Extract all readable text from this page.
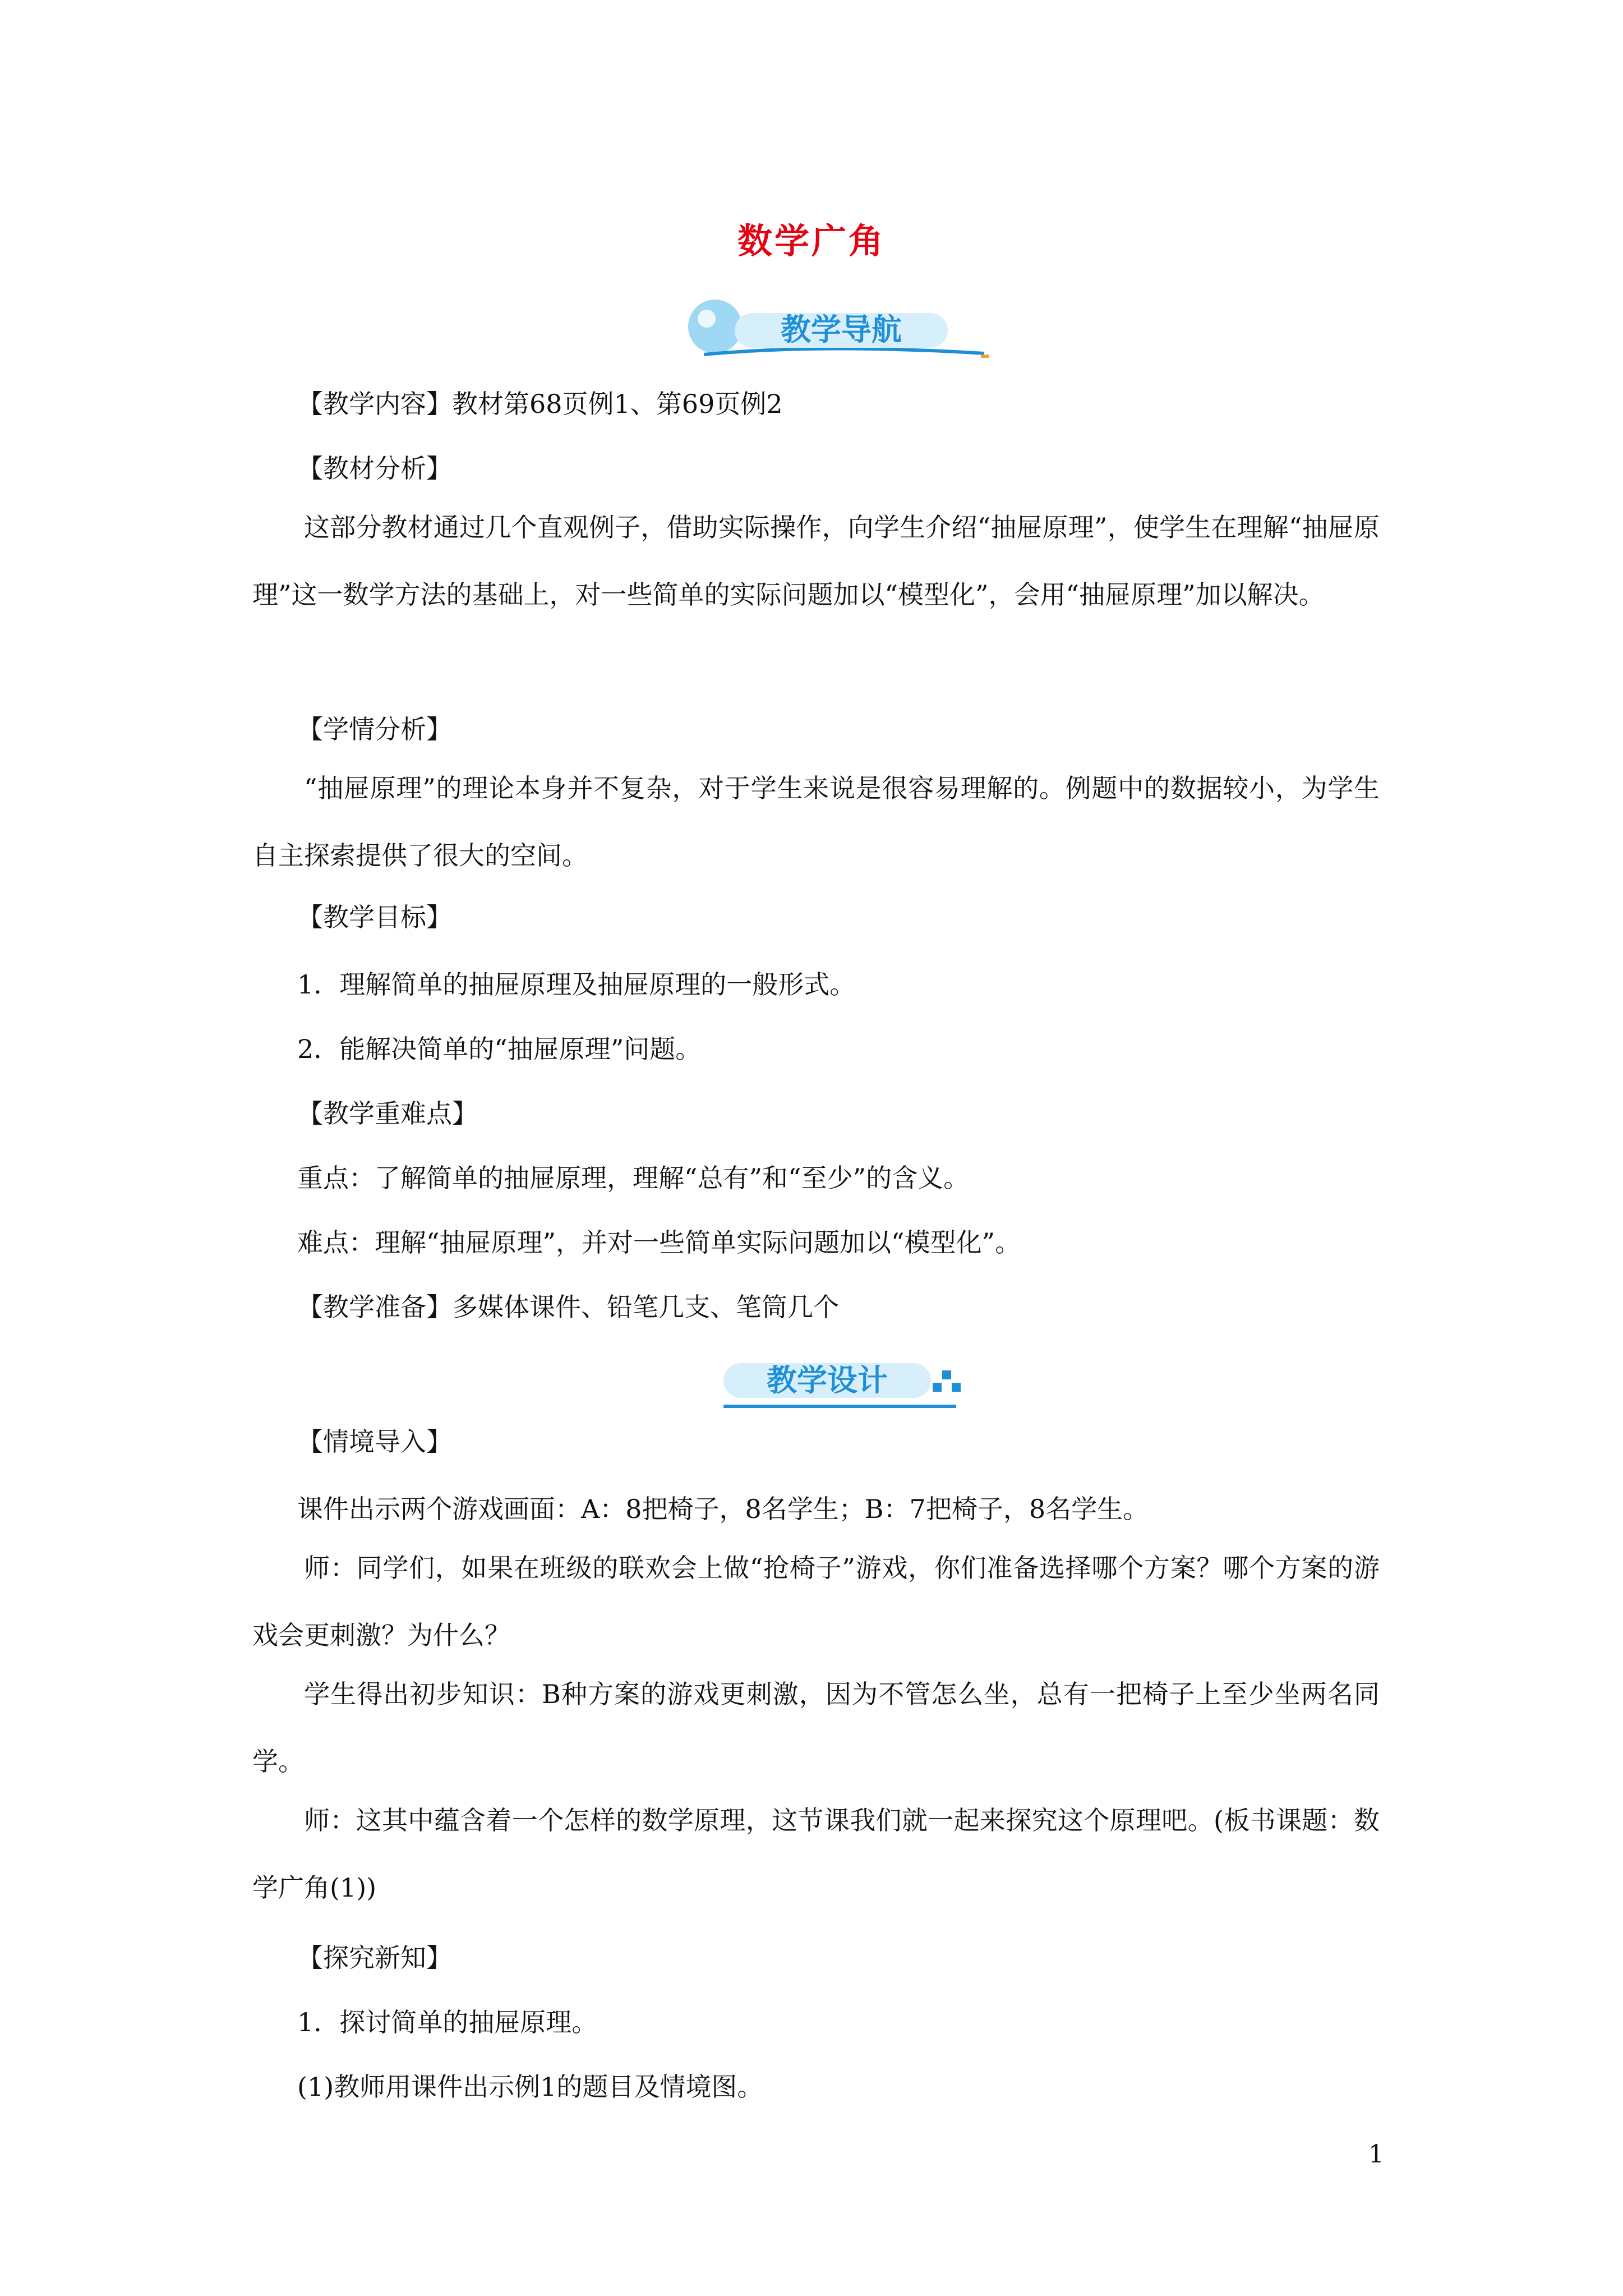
数学广角
教学导航
【教学内容】教材第68页例1、第69页例2
【教材分析】
这部分教材通过几个直观例子，借助实际操作，向学生介绍“抽屉原理”，使学生在理解“抽屉原理”这一数学方法的基础上，对一些简单的实际问题加以“模型化”，会用“抽屉原理”加以解决。
【学情分析】
“抽屉原理”的理论本身并不复杂，对于学生来说是很容易理解的。例题中的数据较小，为学生自主探索提供了很大的空间。
【教学目标】
1．理解简单的抽屉原理及抽屉原理的一般形式。
2．能解决简单的“抽屉原理”问题。
【教学重难点】
重点：了解简单的抽屉原理，理解“总有”和“至少”的含义。
难点：理解“抽屉原理”，并对一些简单实际问题加以“模型化”。
【教学准备】多媒体课件、铅笔几支、笔筒几个
教学设计
【情境导入】
课件出示两个游戏画面：A：8把椅子，8名学生；B：7把椅子，8名学生。
师：同学们，如果在班级的联欢会上做“抢椅子”游戏，你们准备选择哪个方案？哪个方案的游戏会更刺激？为什么？
学生得出初步知识：B种方案的游戏更刺激，因为不管怎么坐，总有一把椅子上至少坐两名同学。
师：这其中蕴含着一个怎样的数学原理，这节课我们就一起来探究这个原理吧。(板书课题：数学广角(1))
【探究新知】
1．探讨简单的抽屉原理。
(1)教师用课件出示例1的题目及情境图。
1
